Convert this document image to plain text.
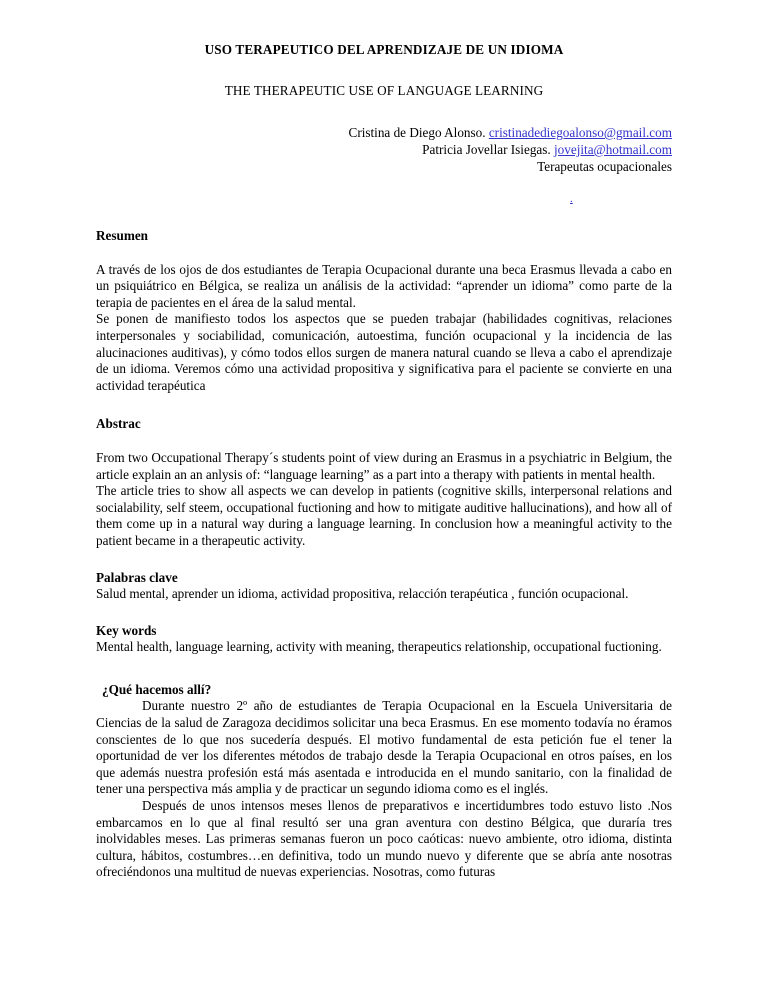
USO TERAPEUTICO DEL APRENDIZAJE DE UN IDIOMA
THE THERAPEUTIC USE OF LANGUAGE LEARNING
Cristina de Diego Alonso. cristinadediegoalonso@gmail.com
Patricia Jovellar Isiegas. jovejita@hotmail.com
Terapeutas ocupacionales
Resumen

A través de los ojos de dos estudiantes de Terapia Ocupacional durante una beca Erasmus llevada a cabo en un psiquiátrico en Bélgica, se realiza un análisis de la actividad: “aprender un idioma” como parte de la terapia de pacientes en el área de la salud mental.

Se ponen de manifiesto todos los aspectos que se pueden trabajar (habilidades cognitivas, relaciones interpersonales y sociabilidad, comunicación, autoestima, función ocupacional y la incidencia de las alucinaciones auditivas), y cómo todos ellos surgen de manera natural cuando se lleva a cabo el aprendizaje de un idioma. Veremos cómo una actividad propositiva y significativa para el paciente se convierte en una actividad terapéutica

Abstrac

From two Occupational Therapy´s students point of view during an Erasmus in a psychiatric in Belgium, the article explain an an anlysis of: “language learning” as a part into a therapy with patients in mental health.

The article tries to show all aspects we can develop in patients (cognitive skills, interpersonal relations and socialability, self steem, occupational fuctioning and how to mitigate auditive hallucinations), and how all of them come up in a natural way during a language learning. In conclusion how a meaningful activity to the patient became in a therapeutic activity.

Palabras clave

Salud mental, aprender un idioma, actividad propositiva, relacción terapéutica , función ocupacional.

Key words

Mental health, language learning, activity with meaning, therapeutics relationship, occupational fuctioning.

¿Qué hacemos allí?

Durante nuestro 2º año de estudiantes de Terapia Ocupacional en la Escuela Universitaria de Ciencias de la salud de Zaragoza decidimos solicitar una beca Erasmus. En ese momento todavía no éramos conscientes de lo que nos sucedería después. El motivo fundamental de esta petición fue el tener la oportunidad de ver los diferentes métodos de trabajo desde la Terapia Ocupacional en otros países, en los que además nuestra profesión está más asentada e introducida en el mundo sanitario, con la finalidad de tener una perspectiva más amplia y de practicar un segundo idioma como es el inglés.

Después de unos intensos meses llenos de preparativos e incertidumbres todo estuvo listo .Nos embarcamos en lo que al final resultó ser una gran aventura con destino Bélgica, que duraría tres inolvidables meses. Las primeras semanas fueron un poco caóticas: nuevo ambiente, otro idioma, distinta cultura, hábitos, costumbres…en definitiva, todo un mundo nuevo y diferente que se abría ante nosotras ofreciéndonos una multitud de nuevas experiencias. Nosotras, como futuras

.
